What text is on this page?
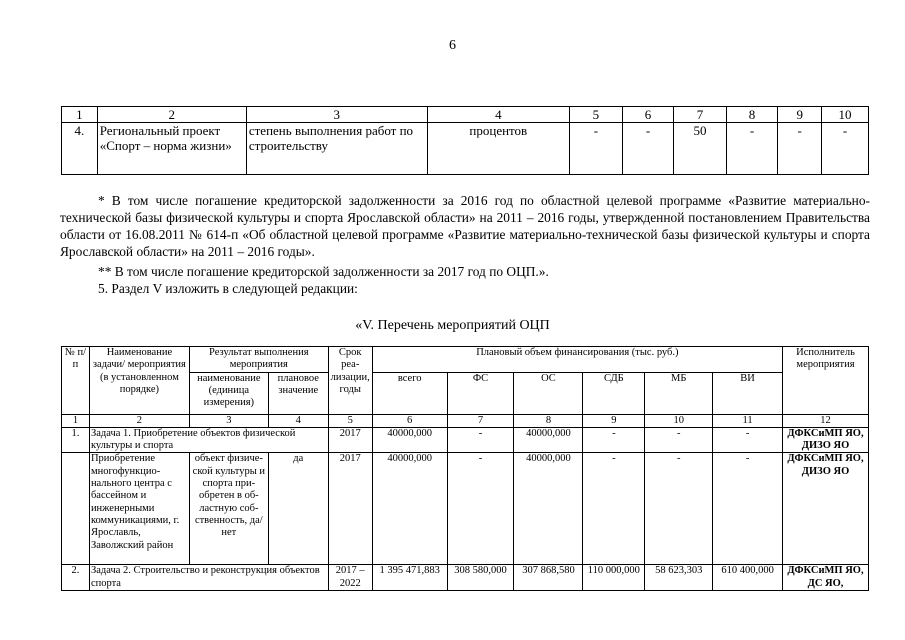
6
1	2	3	4	5	6	7	8	9	10
4.	Региональный проект «Спорт – норма жизни»	степень выполнения работ по строительству	процентов	-	-	50	-	-	-
* В том числе погашение кредиторской задолженности за 2016 год по областной целевой программе «Развитие материально-технической базы физической культуры и спорта Ярославской области» на 2011 – 2016 годы, утвержденной постановлением Правительства области от 16.08.2011 № 614-п «Об областной целевой программе «Развитие материально-технической базы физической культуры и спорта Ярославской области» на 2011 – 2016 годы».
** В том числе погашение кредиторской задолженности за 2017 год по ОЦП.».
5. Раздел V изложить в следующей редакции:
«V. Перечень мероприятий ОЦП
№ п/п	Наименование задачи/ мероприятия (в установленном порядке)	Результат выполнения мероприятия		Срок реа-лизации, годы	Плановый объем финансирования (тыс. руб.)						Исполнитель мероприятия
		наименование (единица измерения)	плановое значение		всего	ФС	ОС	СДБ	МБ	ВИ	
1	2	3	4	5	6	7	8	9	10	11	12
1.	Задача 1. Приобретение объектов физической культуры и спорта			2017	40000,000	-	40000,000	-	-	-	ДФКСиМП ЯО, ДИЗО ЯО
	Приобретение многофункцио-нального центра с бассейном и инженерными коммуникациями, г. Ярославль, Заволжский район	объект физиче-ской культуры и спорта при-обретен в об-ластную соб-ственность, да/нет	да	2017	40000,000	-	40000,000	-	-	-	ДФКСиМП ЯО, ДИЗО ЯО
2.	Задача 2. Строительство и реконструкция объектов спорта			2017 – 2022	1 395 471,883	308 580,000	307 868,580	110 000,000	58 623,303	610 400,000	ДФКСиМП ЯО, ДС ЯО,
